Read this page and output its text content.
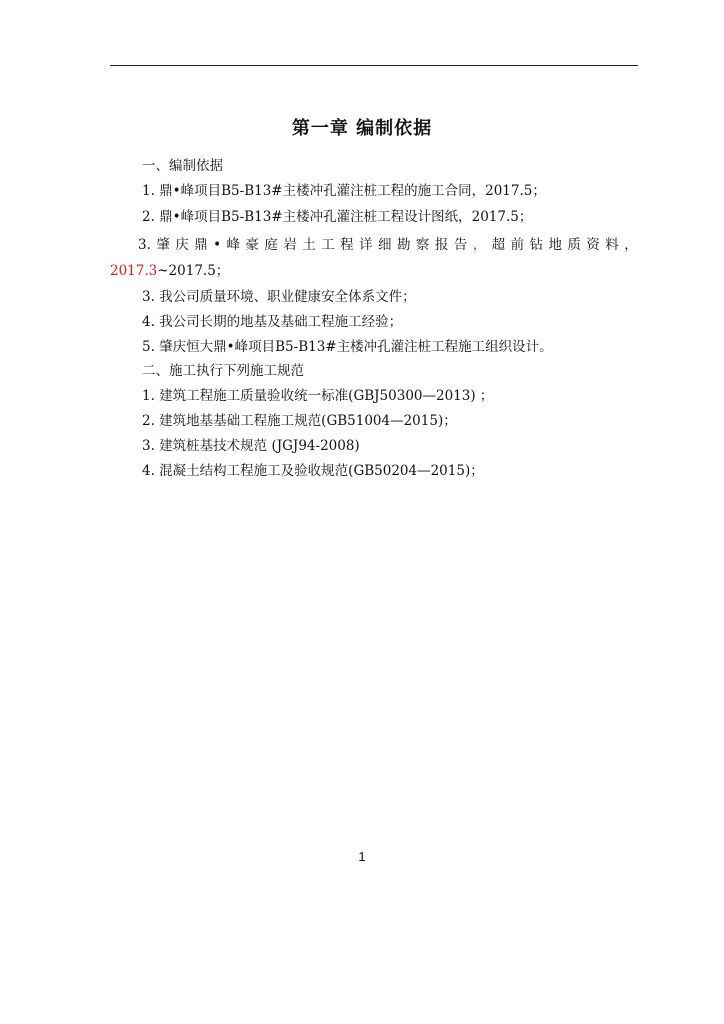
第一章 编制依据
一、编制依据
1. 鼎•峰项目B5-B13#主楼冲孔灌注桩工程的施工合同，2017.5；
2. 鼎•峰项目B5-B13#主楼冲孔灌注桩工程设计图纸，2017.5；
3. 肇 庆 鼎 • 峰 豪 庭 岩 土 工 程 详 细 勘 察 报 告 ， 超 前 钻 地 质 资 料 ，
2017.3~2017.5；
3. 我公司质量环境、职业健康安全体系文件；
4. 我公司长期的地基及基础工程施工经验；
5. 肇庆恒大鼎•峰项目B5-B13#主楼冲孔灌注桩工程施工组织设计。
二、施工执行下列施工规范
1. 建筑工程施工质量验收统一标准(GBJ50300—2013) ；
2. 建筑地基基础工程施工规范(GB51004—2015)；
3. 建筑桩基技术规范 (JGJ94-2008)
4. 混凝土结构工程施工及验收规范(GB50204—2015)；
1
